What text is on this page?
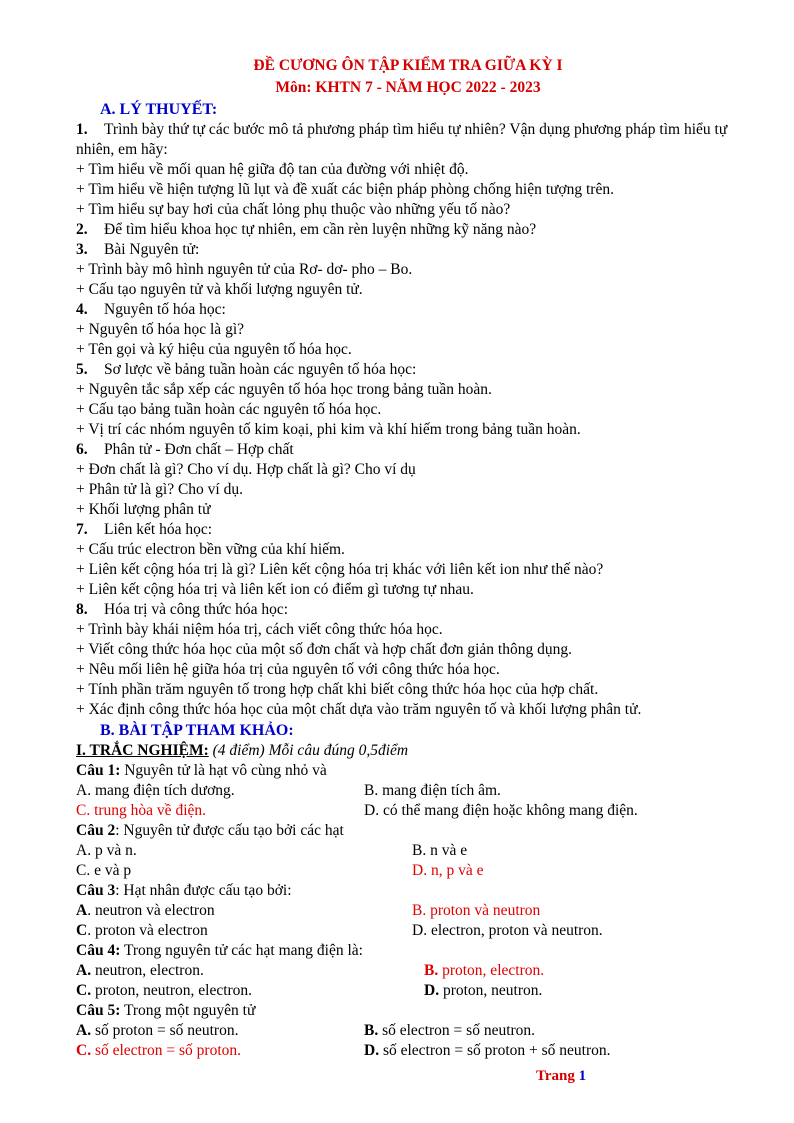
ĐỀ CƯƠNG ÔN TẬP KIỂM TRA GIỮA KỲ I
Môn: KHTN 7 - NĂM HỌC 2022 - 2023
A. LÝ THUYẾT:
1. Trình bày thứ tự các bước mô tả phương pháp tìm hiểu tự nhiên? Vận dụng phương pháp tìm hiểu tự nhiên, em hãy:
+ Tìm hiểu về mối quan hệ giữa độ tan của đường với nhiệt độ.
+ Tìm hiểu về hiện tượng lũ lụt và đề xuất các biện pháp phòng chống hiện tượng trên.
+ Tìm hiểu sự bay hơi của chất lỏng phụ thuộc vào những yếu tố nào?
2. Để tìm hiểu khoa học tự nhiên, em cần rèn luyện những kỹ năng nào?
3. Bài Nguyên tử:
+ Trình bày mô hình nguyên tử của Rơ- dơ- pho – Bo.
+ Cấu tạo nguyên tử và khối lượng nguyên tử.
4. Nguyên tố hóa học:
+ Nguyên tố hóa học là gì?
+ Tên gọi và ký hiệu của nguyên tố hóa học.
5. Sơ lược về bảng tuần hoàn các nguyên tố hóa học:
+ Nguyên tắc sắp xếp các nguyên tố hóa học trong bảng tuần hoàn.
+ Cấu tạo bảng tuần hoàn các nguyên tố hóa học.
+ Vị trí các nhóm nguyên tố kim koại, phi kim và khí hiếm trong bảng tuần hoàn.
6. Phân tử - Đơn chất – Hợp chất
+ Đơn chất là gì? Cho ví dụ. Hợp chất là gì? Cho ví dụ
+ Phân tử là gì? Cho ví dụ.
+ Khối lượng phân tử
7. Liên kết hóa học:
+ Cấu trúc electron bền vững của khí hiếm.
+ Liên kết cộng hóa trị là gì? Liên kết cộng hóa trị khác với liên kết ion như thế nào?
+ Liên kết cộng hóa trị và liên kết ion có điểm gì tương tự nhau.
8. Hóa trị và công thức hóa học:
+ Trình bày khái niệm hóa trị, cách viết công thức hóa học.
+ Viết công thức hóa học của một số đơn chất và hợp chất đơn giản thông dụng.
+ Nêu mối liên hệ giữa hóa trị của nguyên tố với công thức hóa học.
+ Tính phần trăm nguyên tố trong hợp chất khi biết công thức hóa học của hợp chất.
+ Xác định công thức hóa học của một chất dựa vào trăm nguyên tố và khối lượng phân tử.
B. BÀI TẬP THAM KHẢO:
I. TRẮC NGHIỆM: (4 điểm) Mỗi câu đúng 0,5điểm
Câu 1: Nguyên tử là hạt vô cùng nhỏ và
A. mang điện tích dương.	B. mang điện tích âm.
C. trung hòa về điện.	D. có thể mang điện hoặc không mang điện.
Câu 2: Nguyên tử được cấu tạo bởi các hạt
A. p và n.	B. n và e
C. e và p	D. n, p và e
Câu 3: Hạt nhân được cấu tạo bởi:
A. neutron và electron	B. proton và neutron
C. proton và electron	D. electron, proton và neutron.
Câu 4: Trong nguyên tử các hạt mang điện là:
A. neutron, electron.	B. proton, electron.
C. proton, neutron, electron.	D. proton, neutron.
Câu 5: Trong một nguyên tử
A. số proton = số neutron.	B. số electron = số neutron.
C. số electron = số proton.	D. số electron = số proton + số neutron.
Trang 1
